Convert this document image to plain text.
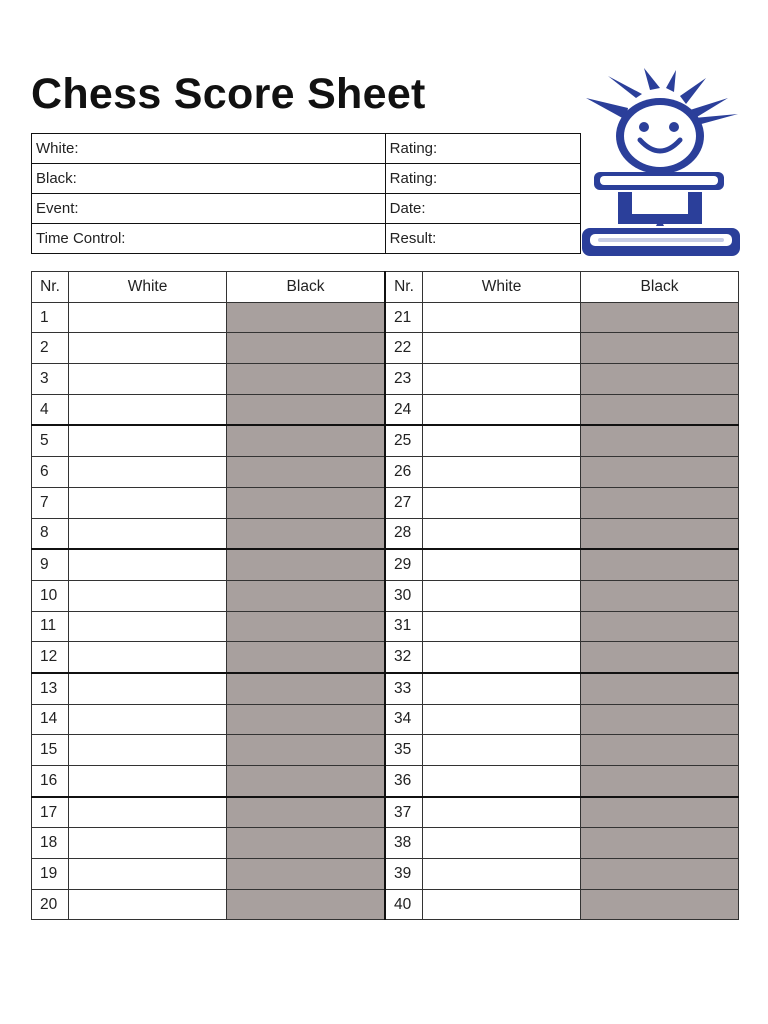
Chess Score Sheet
White:	Rating:
Black:	Rating:
Event:	Date:
Time Control:	Result:
Nr.	White	Black	Nr.	White	Black
1			21		
2			22		
3			23		
4			24		
5			25		
6			26		
7			27		
8			28		
9			29		
10			30		
11			31		
12			32		
13			33		
14			34		
15			35		
16			36		
17			37		
18			38		
19			39		
20			40		
